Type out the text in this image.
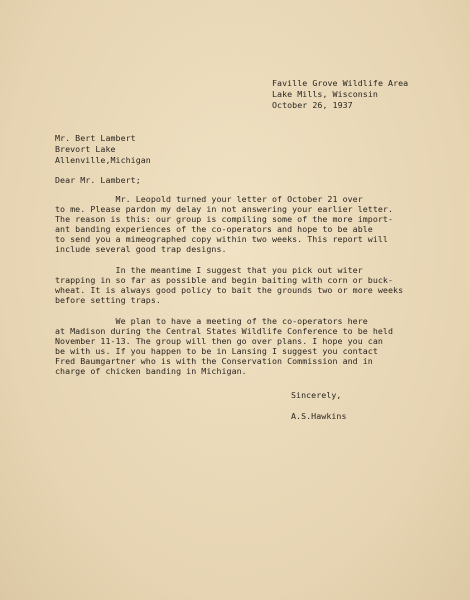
Faville Grove Wildlife Area
Lake Mills, Wisconsin
October 26, 1937
Mr. Bert Lambert
Brevort Lake
Allenville,Michigan
Dear Mr. Lambert;
Mr. Leopold turned your letter of October 21 over
to me. Please pardon my delay in not answering your earlier letter.
The reason is this: our group is compiling some of the more import-
ant banding experiences of the co-operators and hope to be able
to send you a mimeographed copy within two weeks. This report will
include several good trap designs.
In the meantime I suggest that you pick out witer
trapping in so far as possible and begin baiting with corn or buck-
wheat. It is always good policy to bait the grounds two or more weeks
before setting traps.
We plan to have a meeting of the co-operators here
at Madison during the Central States Wildlife Conference to be held
November 11-13. The group will then go over plans. I hope you can
be with us. If you happen to be in Lansing I suggest you contact
Fred Baumgartner who is with the Conservation Commission and in
charge of chicken banding in Michigan.
Sincerely,
A.S.Hawkins
